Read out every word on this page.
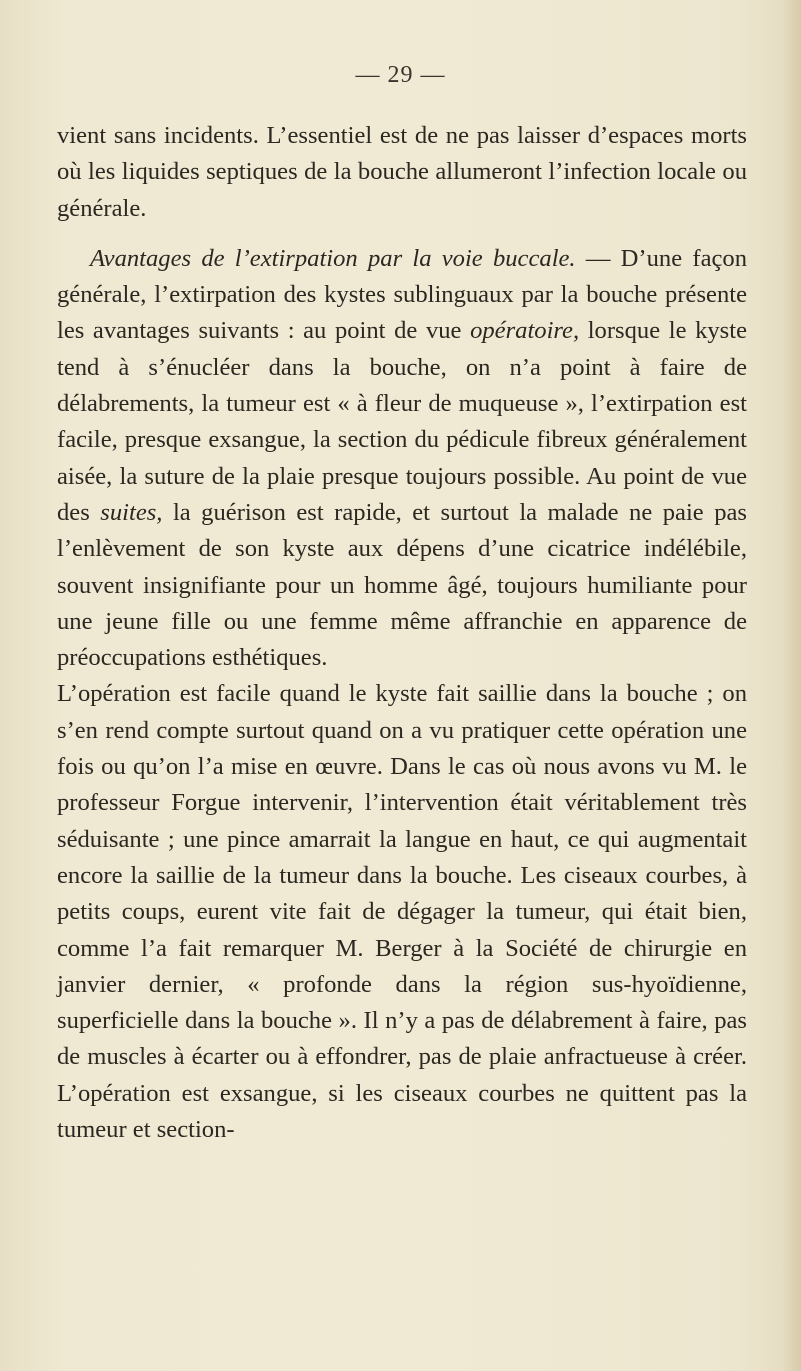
— 29 —

vient sans incidents. L’essentiel est de ne pas laisser d’espaces morts où les liquides septiques de la bouche allumeront l’infection locale ou générale.

Avantages de l’extirpation par la voie buccale. — D’une façon générale, l’extirpation des kystes sublinguaux par la bouche présente les avantages suivants : au point de vue opératoire, lorsque le kyste tend à s’énucléer dans la bouche, on n’a point à faire de délabrements, la tumeur est « à fleur de muqueuse », l’extirpation est facile, presque exsangue, la section du pédicule fibreux généralement aisée, la suture de la plaie presque toujours possible. Au point de vue des suites, la guérison est rapide, et surtout la malade ne paie pas l’enlèvement de son kyste aux dépens d’une cicatrice indélébile, souvent insignifiante pour un homme âgé, toujours humiliante pour une jeune fille ou une femme même affranchie en apparence de préoccupations esthétiques.

L’opération est facile quand le kyste fait saillie dans la bouche ; on s’en rend compte surtout quand on a vu pratiquer cette opération une fois ou qu’on l’a mise en œuvre. Dans le cas où nous avons vu M. le professeur Forgue intervenir, l’intervention était véritablement très séduisante ; une pince amarrait la langue en haut, ce qui augmentait encore la saillie de la tumeur dans la bouche. Les ciseaux courbes, à petits coups, eurent vite fait de dégager la tumeur, qui était bien, comme l’a fait remarquer M. Berger à la Société de chirurgie en janvier dernier, « profonde dans la région sus-hyoïdienne, superficielle dans la bouche ». Il n’y a pas de délabrement à faire, pas de muscles à écarter ou à effondrer, pas de plaie anfractueuse à créer. L’opération est exsangue, si les ciseaux courbes ne quittent pas la tumeur et section-
